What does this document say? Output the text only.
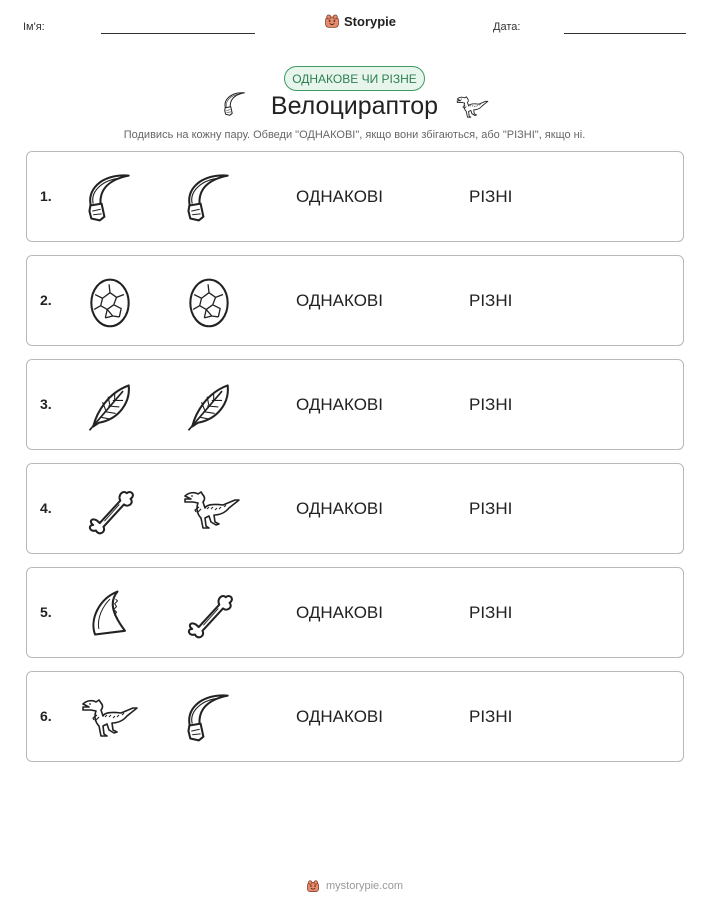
Ім'я:	Storypie	Дата:
ОДНАКОВЕ ЧИ РІЗНЕ
Велоцираптор
Подивись на кожну пару. Обведи "ОДНАКОВІ", якщо вони збігаються, або "РІЗНІ", якщо ні.
1.	ОДНАКОВІ	РІЗНІ
2.	ОДНАКОВІ	РІЗНІ
3.	ОДНАКОВІ	РІЗНІ
4.	ОДНАКОВІ	РІЗНІ
5.	ОДНАКОВІ	РІЗНІ
6.	ОДНАКОВІ	РІЗНІ
mystorypie.com
